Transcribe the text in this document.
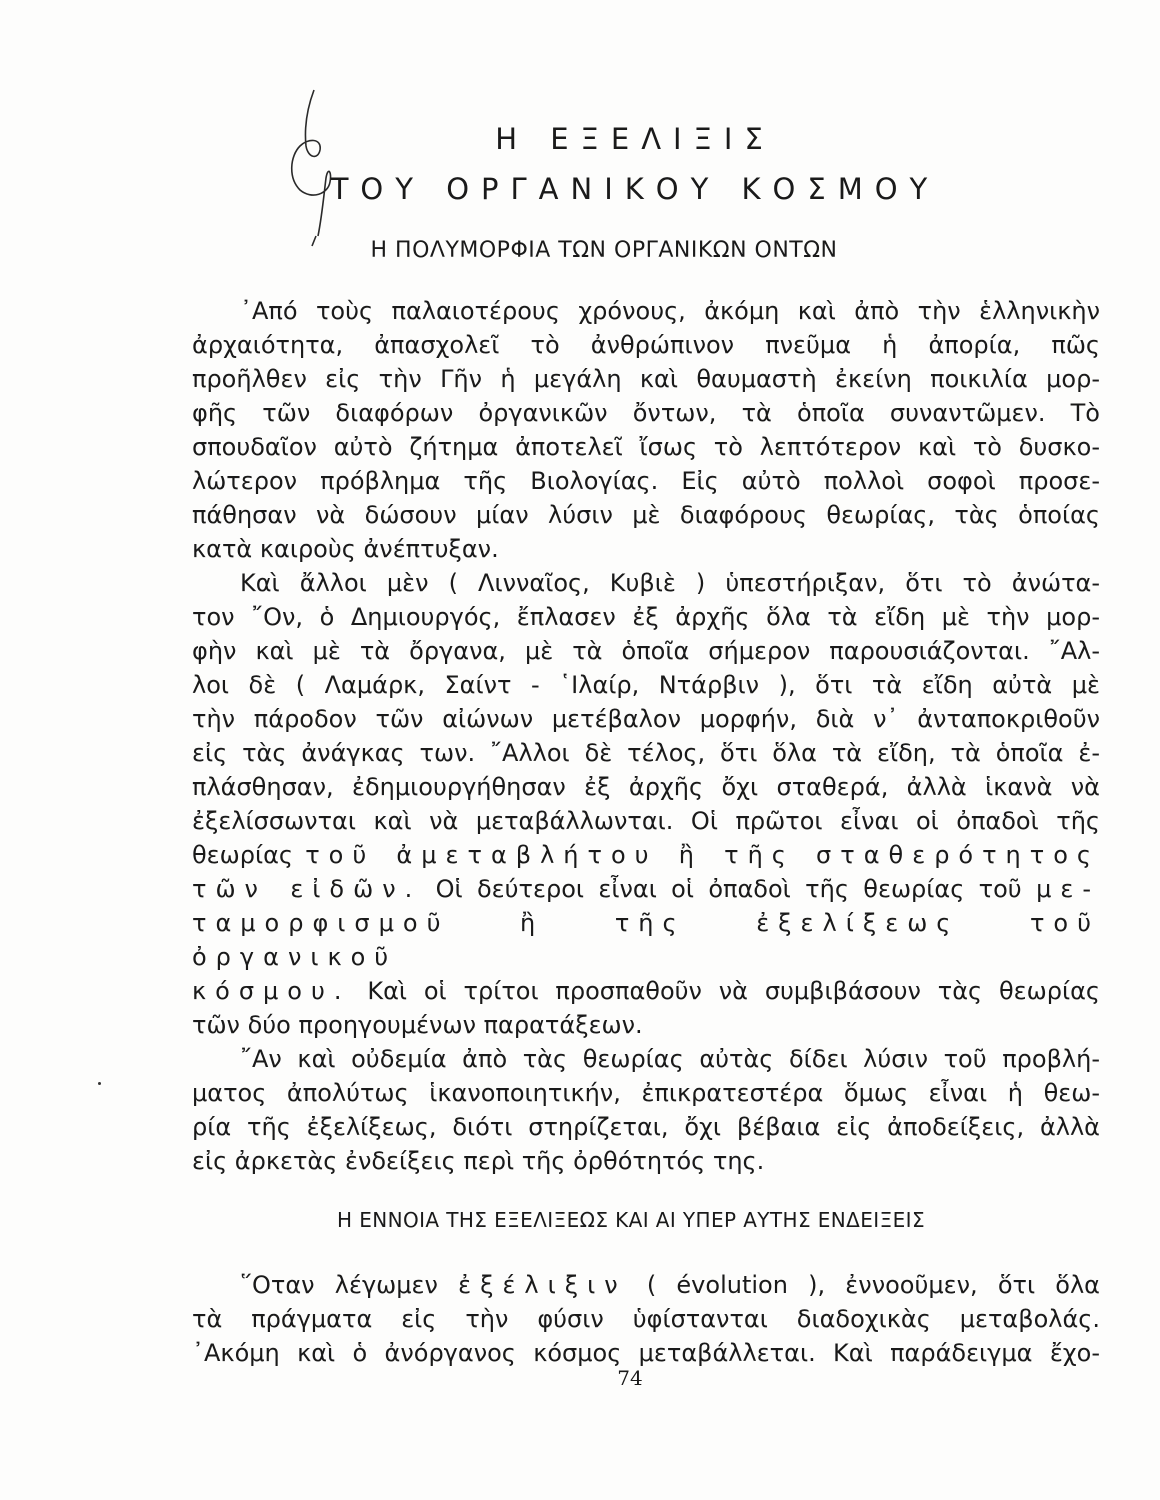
Η ΕΞΕΛΙΞΙΣ
ΤΟΥ ΟΡΓΑΝΙΚΟΥ ΚΟΣΜΟΥ
Η ΠΟΛΥΜΟΡΦΙΑ ΤΩΝ ΟΡΓΑΝΙΚΩΝ ΟΝΤΩΝ

᾿Από τοὺς παλαιοτέρους χρόνους, ἀκόμη καὶ ἀπὸ τὴν ἑλληνικὴν

ἀρχαιότητα, ἀπασχολεῖ τὸ ἀνθρώπινον πνεῦμα ἡ ἀπορία, πῶς

προῆλθεν εἰς τὴν Γῆν ἡ μεγάλη καὶ θαυμαστὴ ἐκείνη ποικιλία μορ-

φῆς τῶν διαφόρων ὀργανικῶν ὄντων, τὰ ὁποῖα συναντῶμεν. Τὸ

σπουδαῖον αὐτὸ ζήτημα ἀποτελεῖ ἴσως τὸ λεπτότερον καὶ τὸ δυσκο-

λώτερον πρόβλημα τῆς Βιολογίας. Εἰς αὐτὸ πολλοὶ σοφοὶ προσε-

πάθησαν νὰ δώσουν μίαν λύσιν μὲ διαφόρους θεωρίας, τὰς ὁποίας

κατὰ καιροὺς ἀνέπτυξαν.

Καὶ ἄλλοι μὲν ( Λινναῖος, Κυβιὲ ) ὑπεστήριξαν, ὅτι τὸ ἀνώτα-

τον ῎Ον, ὁ Δημιουργός, ἔπλασεν ἐξ ἀρχῆς ὅλα τὰ εἴδη μὲ τὴν μορ-

φὴν καὶ μὲ τὰ ὄργανα, μὲ τὰ ὁποῖα σήμερον παρουσιάζονται. ῎Αλ-

λοι δὲ ( Λαμάρκ, Σαίντ - ῾Ιλαίρ, Ντάρβιν ), ὅτι τὰ εἴδη αὐτὰ μὲ

τὴν πάροδον τῶν αἰώνων μετέβαλον μορφήν, διὰ ν᾿ ἀνταποκριθοῦν

εἰς τὰς ἀνάγκας των. ῎Αλλοι δὲ τέλος, ὅτι ὅλα τὰ εἴδη, τὰ ὁποῖα ἐ-

πλάσθησαν, ἐδημιουργήθησαν ἐξ ἀρχῆς ὄχι σταθερά, ἀλλὰ ἱκανὰ νὰ

ἐξελίσσωνται καὶ νὰ μεταβάλλωνται. Οἱ πρῶτοι εἶναι οἱ ὀπαδοὶ τῆς

θεωρίας τοῦ ἀμεταβλήτου ἢ τῆς σταθερότητος

τῶν εἰδῶν. Οἱ δεύτεροι εἶναι οἱ ὀπαδοὶ τῆς θεωρίας τοῦ με-

ταμορφισμοῦ ἢ τῆς ἐξελίξεως τοῦ ὀργανικοῦ

κόσμου. Καὶ οἱ τρίτοι προσπαθοῦν νὰ συμβιβάσουν τὰς θεωρίας

τῶν δύο προηγουμένων παρατάξεων.

῎Αν καὶ οὐδεμία ἀπὸ τὰς θεωρίας αὐτὰς δίδει λύσιν τοῦ προβλή-

ματος ἀπολύτως ἱκανοποιητικήν, ἐπικρατεστέρα ὅμως εἶναι ἡ θεω-

ρία τῆς ἐξελίξεως, διότι στηρίζεται, ὄχι βέβαια εἰς ἀποδείξεις, ἀλλὰ

εἰς ἀρκετὰς ἐνδείξεις περὶ τῆς ὀρθότητός της.

Η ΕΝΝΟΙΑ ΤΗΣ ΕΞΕΛΙΞΕΩΣ ΚΑΙ ΑΙ ΥΠΕΡ ΑΥΤΗΣ ΕΝΔΕΙΞΕΙΣ

῞Οταν λέγωμεν ἐξέλιξιν ( évolution ), ἐννοοῦμεν, ὅτι ὅλα

τὰ πράγματα εἰς τὴν φύσιν ὑφίστανται διαδοχικὰς μεταβολάς.

᾿Ακόμη καὶ ὁ ἀνόργανος κόσμος μεταβάλλεται. Καὶ παράδειγμα ἔχο-

74
